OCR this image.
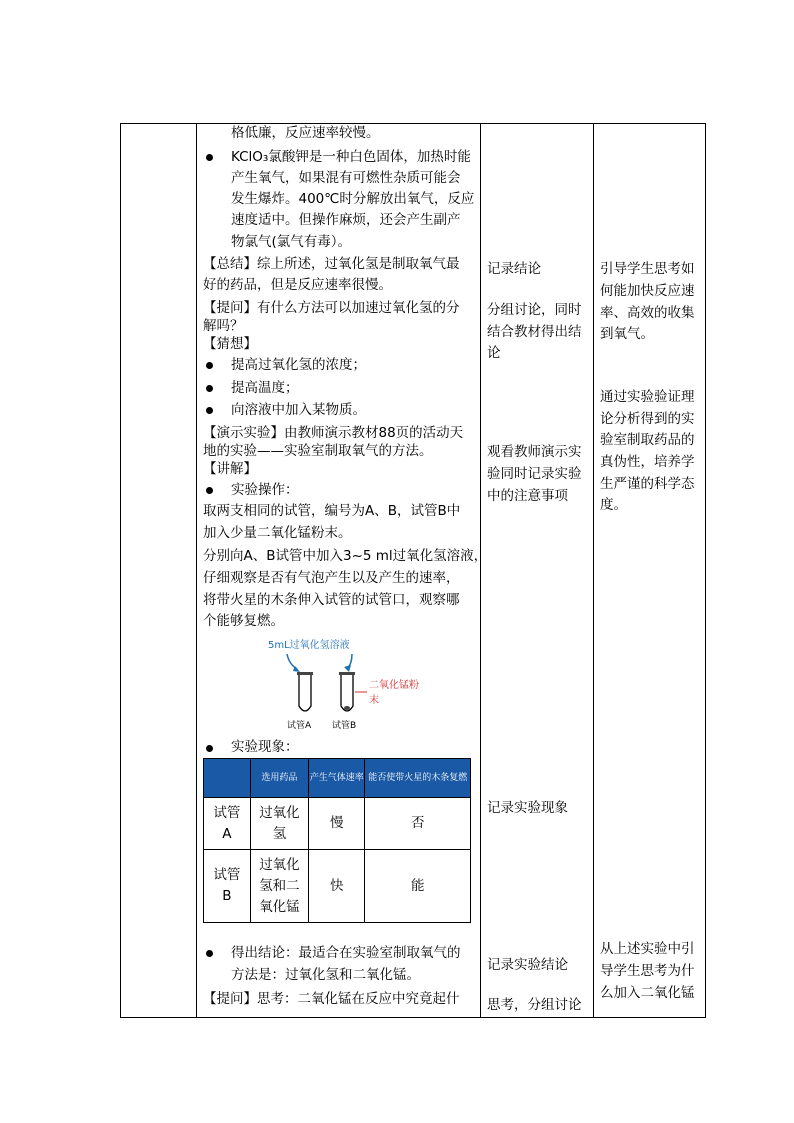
格低廉，反应速率较慢。
KClO₃氯酸钾是一种白色固体，加热时能
产生氧气，如果混有可燃性杂质可能会
发生爆炸。400℃时分解放出氧气，反应
速度适中。但操作麻烦，还会产生副产
物氯气(氯气有毒）。
【总结】综上所述，过氧化氢是制取氧气最
好的药品，但是反应速率很慢。
【提问】有什么方法可以加速过氧化氢的分
解吗？
【猜想】
提高过氧化氢的浓度；
提高温度；
向溶液中加入某物质。
【演示实验】由教师演示教材88页的活动天
地的实验——实验室制取氧气的方法。
【讲解】
实验操作：
取两支相同的试管，编号为A、B，试管B中
加入少量二氧化锰粉末。
分别向A、B试管中加入3~5 ml过氧化氢溶液，
仔细观察是否有气泡产生以及产生的速率，
将带火星的木条伸入试管的试管口，观察哪
个能够复燃。
5mL过氧化氢溶液
二氧化锰粉末
试管A 试管B
实验现象：
	选用药品	产生气体速率	能否使带火星的木条复燃
试管A	过氧化氢	慢	否
试管B	过氧化氢和二氧化锰	快	能
得出结论：最适合在实验室制取氧气的
方法是：过氧化氢和二氧化锰。
【提问】思考：二氧化锰在反应中究竟起什
记录结论
分组讨论，同时
结合教材得出结
论
观看教师演示实
验同时记录实验
中的注意事项
记录实验现象
记录实验结论
思考，分组讨论
引导学生思考如
何能加快反应速
率、高效的收集
到氧气。
通过实验验证理
论分析得到的实
验室制取药品的
真伪性，培养学
生严谨的科学态
度。
从上述实验中引
导学生思考为什
么加入二氧化锰
